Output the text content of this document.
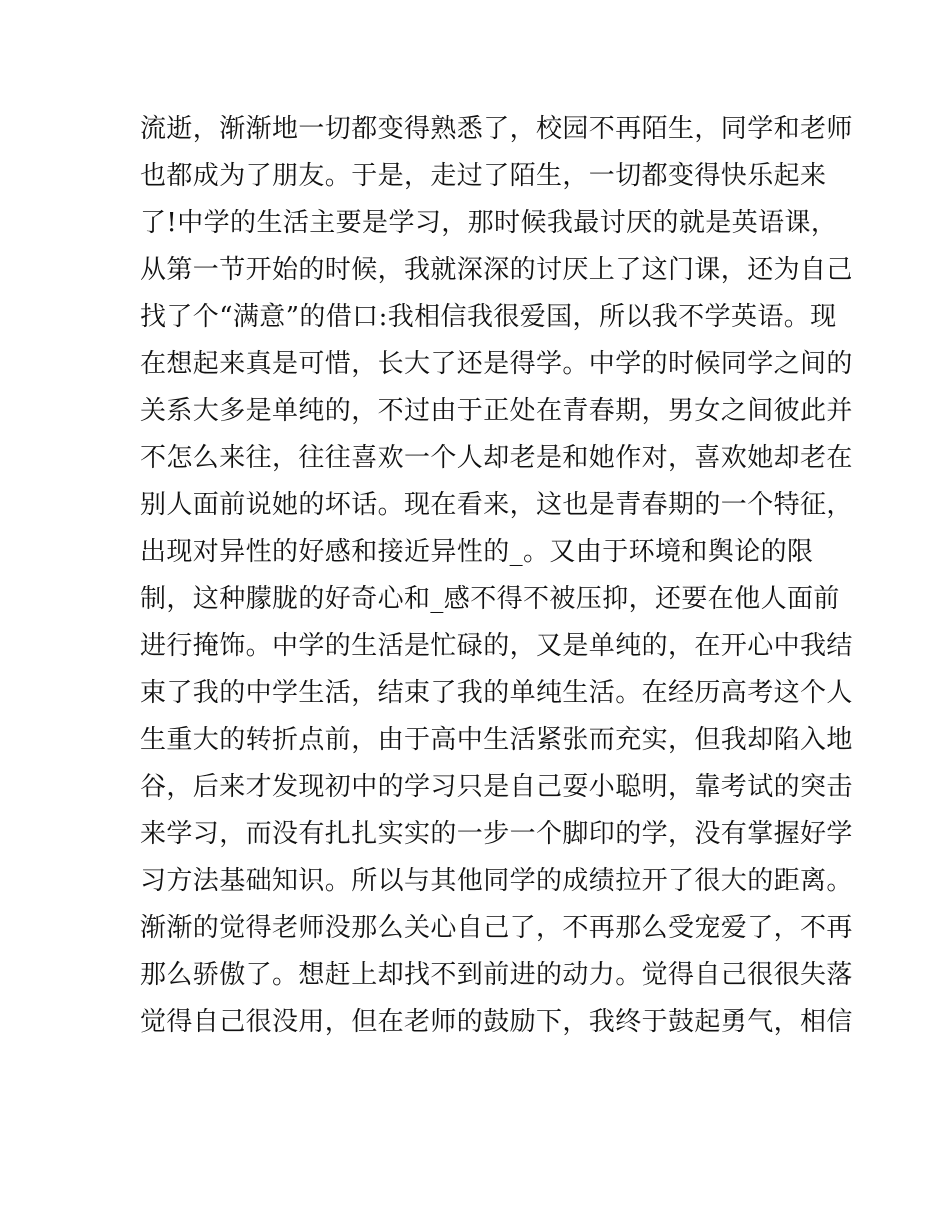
流逝，渐渐地一切都变得熟悉了，校园不再陌生，同学和老师
也都成为了朋友。于是，走过了陌生，一切都变得快乐起来
了!中学的生活主要是学习，那时候我最讨厌的就是英语课，
从第一节开始的时候，我就深深的讨厌上了这门课，还为自己
找了个“满意”的借口:我相信我很爱国，所以我不学英语。现
在想起来真是可惜，长大了还是得学。中学的时候同学之间的
关系大多是单纯的，不过由于正处在青春期，男女之间彼此并
不怎么来往，往往喜欢一个人却老是和她作对，喜欢她却老在
别人面前说她的坏话。现在看来，这也是青春期的一个特征，
出现对异性的好感和接近异性的_。又由于环境和舆论的限
制，这种朦胧的好奇心和_感不得不被压抑，还要在他人面前
进行掩饰。中学的生活是忙碌的，又是单纯的，在开心中我结
束了我的中学生活，结束了我的单纯生活。在经历高考这个人
生重大的转折点前，由于高中生活紧张而充实，但我却陷入地
谷，后来才发现初中的学习只是自己耍小聪明，靠考试的突击
来学习，而没有扎扎实实的一步一个脚印的学，没有掌握好学
习方法基础知识。所以与其他同学的成绩拉开了很大的距离。
渐渐的觉得老师没那么关心自己了，不再那么受宠爱了，不再
那么骄傲了。想赶上却找不到前进的动力。觉得自己很很失落
觉得自己很没用，但在老师的鼓励下，我终于鼓起勇气，相信
